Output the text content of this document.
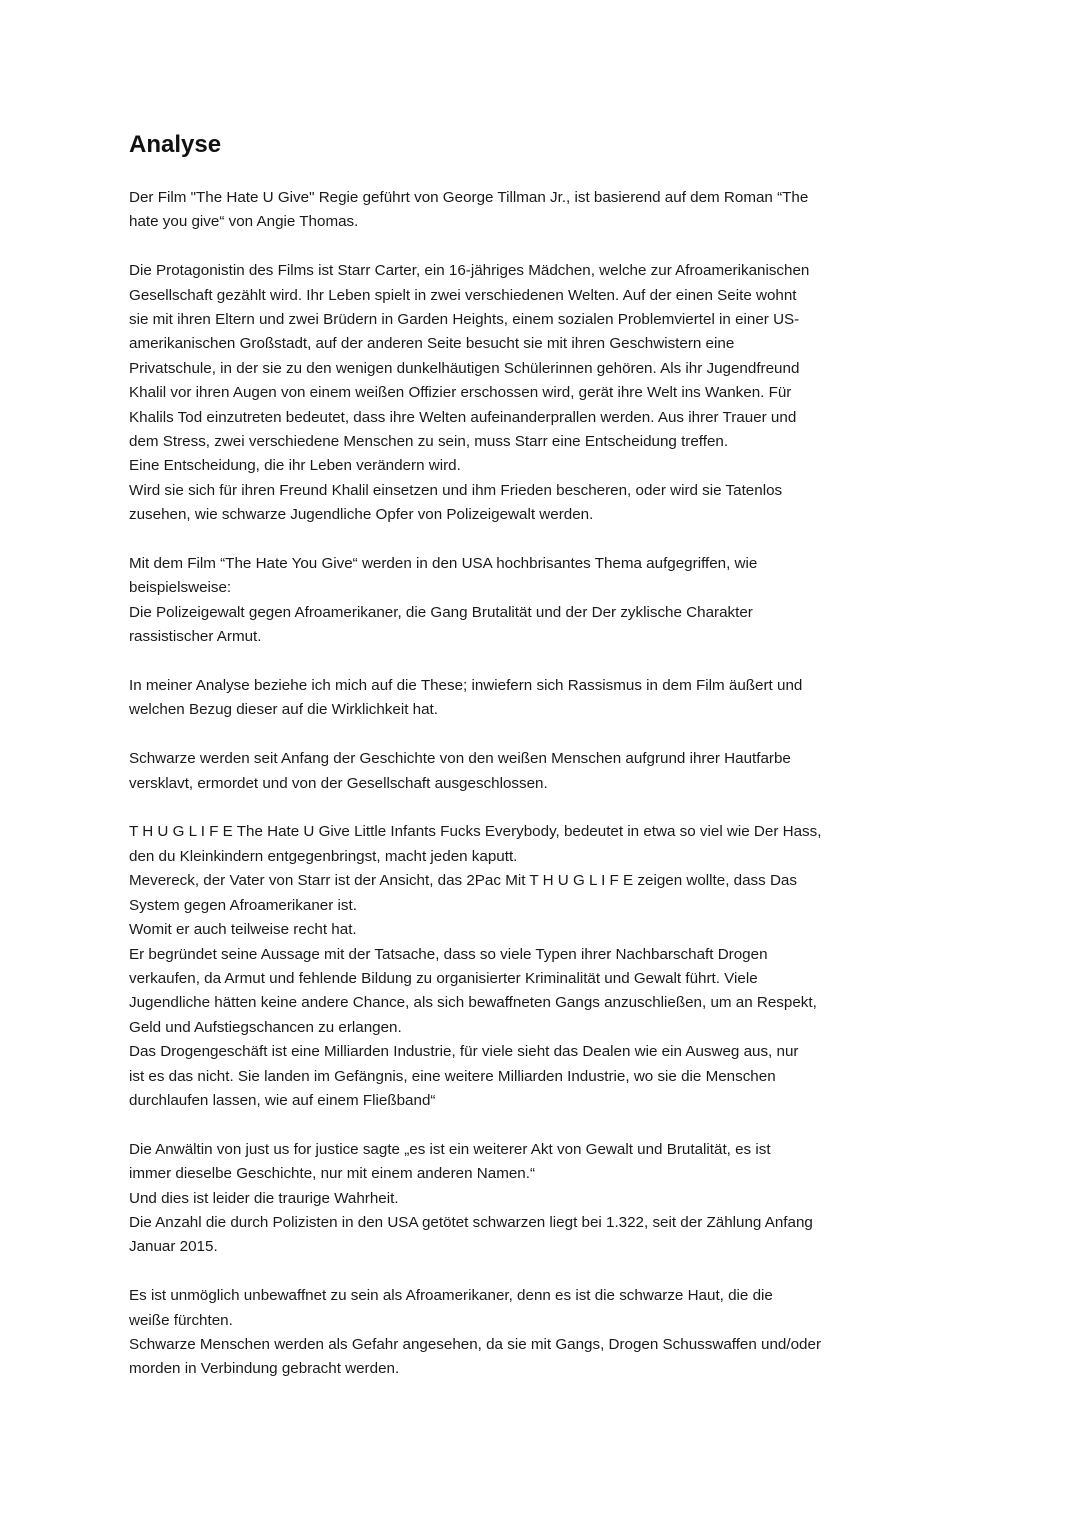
Analyse

Der Film "The Hate U Give" Regie geführt von George Tillman Jr., ist basierend auf dem Roman “The
hate you give“ von Angie Thomas.

Die Protagonistin des Films ist Starr Carter, ein 16-jähriges Mädchen, welche zur Afroamerikanischen
Gesellschaft gezählt wird. Ihr Leben spielt in zwei verschiedenen Welten. Auf der einen Seite wohnt
sie mit ihren Eltern und zwei Brüdern in Garden Heights, einem sozialen Problemviertel in einer US-
amerikanischen Großstadt, auf der anderen Seite besucht sie mit ihren Geschwistern eine
Privatschule, in der sie zu den wenigen dunkelhäutigen Schülerinnen gehören. Als ihr Jugendfreund
Khalil vor ihren Augen von einem weißen Offizier erschossen wird, gerät ihre Welt ins Wanken. Für
Khalils Tod einzutreten bedeutet, dass ihre Welten aufeinanderprallen werden. Aus ihrer Trauer und
dem Stress, zwei verschiedene Menschen zu sein, muss Starr eine Entscheidung treffen.
Eine Entscheidung, die ihr Leben verändern wird.
Wird sie sich für ihren Freund Khalil einsetzen und ihm Frieden bescheren, oder wird sie Tatenlos
zusehen, wie schwarze Jugendliche Opfer von Polizeigewalt werden.

Mit dem Film “The Hate You Give“ werden in den USA hochbrisantes Thema aufgegriffen, wie
beispielsweise:
Die Polizeigewalt gegen Afroamerikaner, die Gang Brutalität und der Der zyklische Charakter
rassistischer Armut.

In meiner Analyse beziehe ich mich auf die These; inwiefern sich Rassismus in dem Film äußert und
welchen Bezug dieser auf die Wirklichkeit hat.

Schwarze werden seit Anfang der Geschichte von den weißen Menschen aufgrund ihrer Hautfarbe
versklavt, ermordet und von der Gesellschaft ausgeschlossen.

T H U G L I F E The Hate U Give Little Infants Fucks Everybody, bedeutet in etwa so viel wie Der Hass,
den du Kleinkindern entgegenbringst, macht jeden kaputt.
Mevereck, der Vater von Starr ist der Ansicht, das 2Pac Mit T H U G L I F E zeigen wollte, dass Das
System gegen Afroamerikaner ist.
Womit er auch teilweise recht hat.
Er begründet seine Aussage mit der Tatsache, dass so viele Typen ihrer Nachbarschaft Drogen
verkaufen, da Armut und fehlende Bildung zu organisierter Kriminalität und Gewalt führt. Viele
Jugendliche hätten keine andere Chance, als sich bewaffneten Gangs anzuschließen, um an Respekt,
Geld und Aufstiegschancen zu erlangen.
Das Drogengeschäft ist eine Milliarden Industrie, für viele sieht das Dealen wie ein Ausweg aus, nur
ist es das nicht. Sie landen im Gefängnis, eine weitere Milliarden Industrie, wo sie die Menschen
durchlaufen lassen, wie auf einem Fließband“

Die Anwältin von just us for justice sagte „es ist ein weiterer Akt von Gewalt und Brutalität, es ist
immer dieselbe Geschichte, nur mit einem anderen Namen.“
Und dies ist leider die traurige Wahrheit.
Die Anzahl die durch Polizisten in den USA getötet schwarzen liegt bei 1.322, seit der Zählung Anfang
Januar 2015.

Es ist unmöglich unbewaffnet zu sein als Afroamerikaner, denn es ist die schwarze Haut, die die
weiße fürchten.
Schwarze Menschen werden als Gefahr angesehen, da sie mit Gangs, Drogen Schusswaffen und/oder
morden in Verbindung gebracht werden.
